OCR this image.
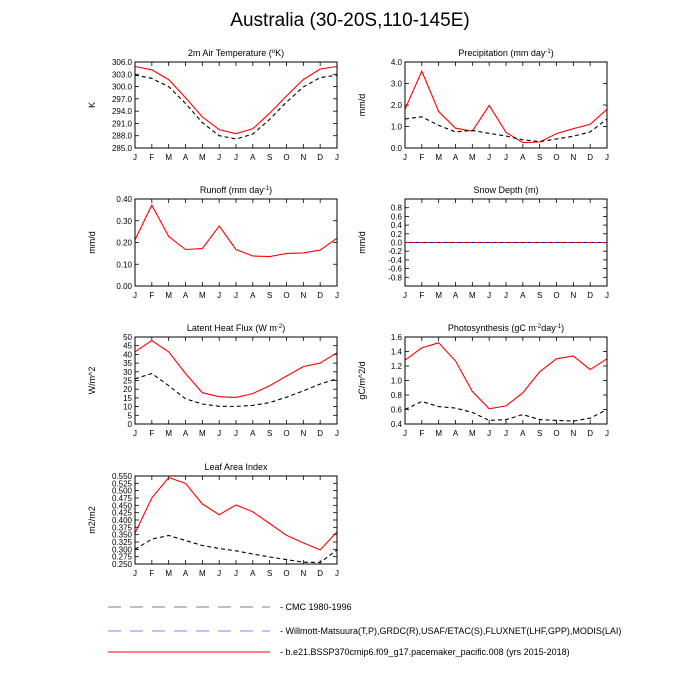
Australia (30-20S,110-145E)
2m Air Temperature ($^o$K)
K
285.0
288.0
291.0
294.0
297.0
300.0
303.0
306.0
J F M A M J J A S O N D J
Precipitation (mm day$^{-1}$)
mm/d
0.0
1.0
2.0
3.0
4.0
J F M A M J J A S O N D J
Runoff (mm day$^{-1}$)
mm/d
0.00
0.10
0.20
0.30
0.40
J F M A M J J A S O N D J
Snow Depth (m)
mm/d
-0.8
-0.6
-0.4
-0.2
0.0
0.2
0.4
0.6
0.8
J F M A M J J A S O N D J
Latent Heat Flux (W $m^{-2}$)
W/m^2
0
5
10
15
20
25
30
35
40
45
50
J F M A M J J A S O N D J
Photosynthesis (gC $m^{-2}day^{-1}$)
gC/m^2/d
0.4
0.6
0.8
1.0
1.2
1.4
1.6
J F M A M J J A S O N D J
Leaf Area Index
m2/m2
0.250
0.275
0.300
0.325
0.350
0.375
0.400
0.425
0.450
0.475
0.500
0.525
0.550
J F M A M J J A S O N D J
- CMC 1980-1996
- Willmott-Matsuura(T,P),GRDC(R),USAF/ETAC(S),FLUXNET(LHF,GPP),MODIS(LAI)
- b.e21.BSSP370cmip6.f09_g17.pacemaker_pacific.008 (yrs 2015-2018)
